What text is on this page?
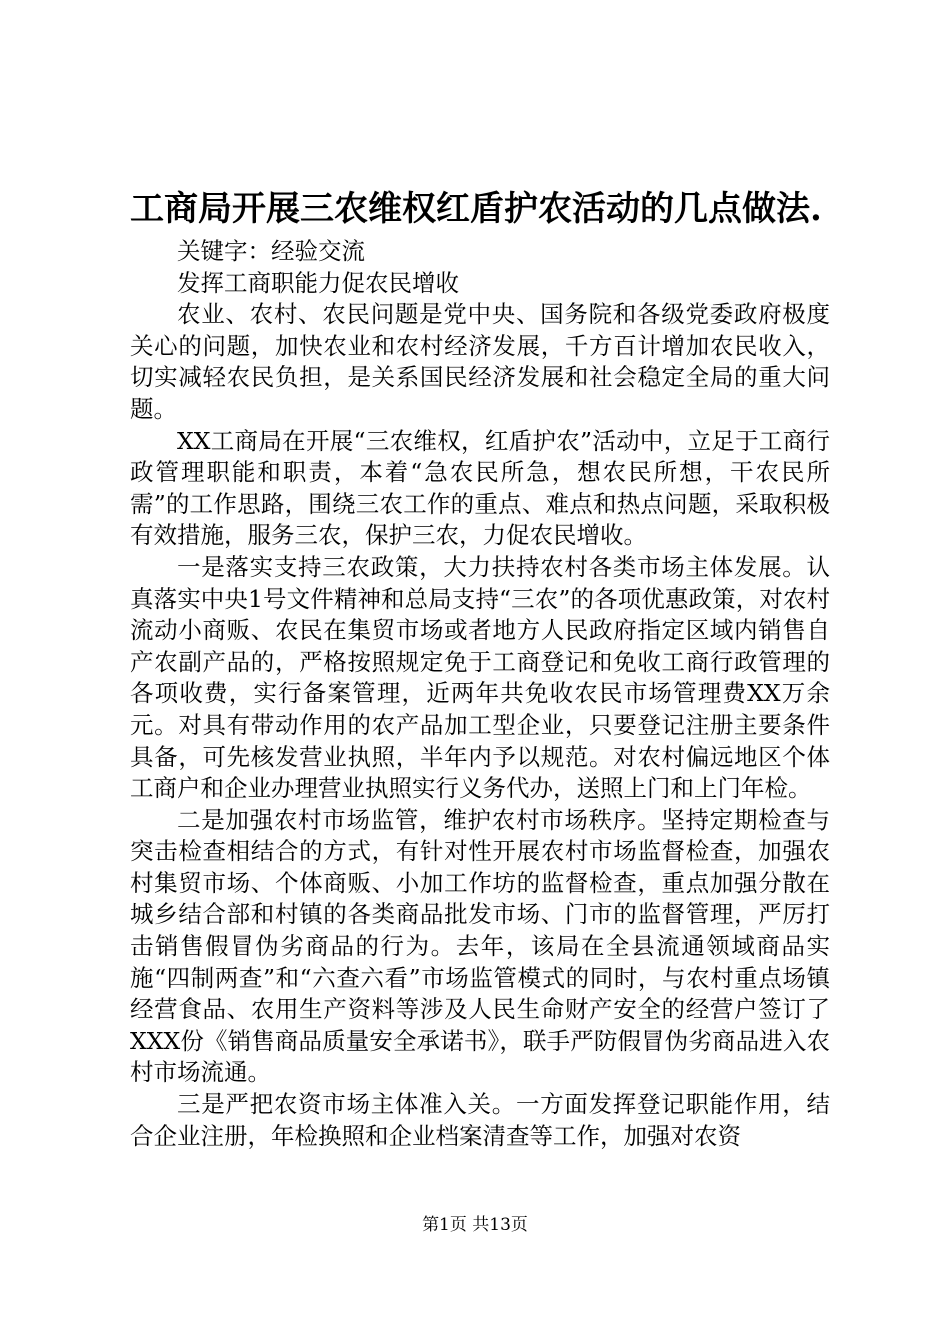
工商局开展三农维权红盾护农活动的几点做法.

关键字：经验交流

发挥工商职能力促农民增收

农业、农村、农民问题是党中央、国务院和各级党委政府极度关心的问题，加快农业和农村经济发展，千方百计增加农民收入，切实减轻农民负担，是关系国民经济发展和社会稳定全局的重大问题。

XX工商局在开展“三农维权，红盾护农”活动中，立足于工商行政管理职能和职责，本着“急农民所急，想农民所想，干农民所需”的工作思路，围绕三农工作的重点、难点和热点问题，采取积极有效措施，服务三农，保护三农，力促农民增收。

一是落实支持三农政策，大力扶持农村各类市场主体发展。认真落实中央1号文件精神和总局支持“三农”的各项优惠政策，对农村流动小商贩、农民在集贸市场或者地方人民政府指定区域内销售自产农副产品的，严格按照规定免于工商登记和免收工商行政管理的各项收费，实行备案管理，近两年共免收农民市场管理费XX万余元。对具有带动作用的农产品加工型企业，只要登记注册主要条件具备，可先核发营业执照，半年内予以规范。对农村偏远地区个体工商户和企业办理营业执照实行义务代办，送照上门和上门年检。

二是加强农村市场监管，维护农村市场秩序。坚持定期检查与突击检查相结合的方式，有针对性开展农村市场监督检查，加强农村集贸市场、个体商贩、小加工作坊的监督检查，重点加强分散在城乡结合部和村镇的各类商品批发市场、门市的监督管理，严厉打击销售假冒伪劣商品的行为。去年，该局在全县流通领域商品实施“四制两查”和“六查六看”市场监管模式的同时，与农村重点场镇经营食品、农用生产资料等涉及人民生命财产安全的经营户签订了XXX份《销售商品质量安全承诺书》，联手严防假冒伪劣商品进入农村市场流通。

三是严把农资市场主体准入关。一方面发挥登记职能作用，结合企业注册，年检换照和企业档案清查等工作，加强对农资

第1页 共13页
